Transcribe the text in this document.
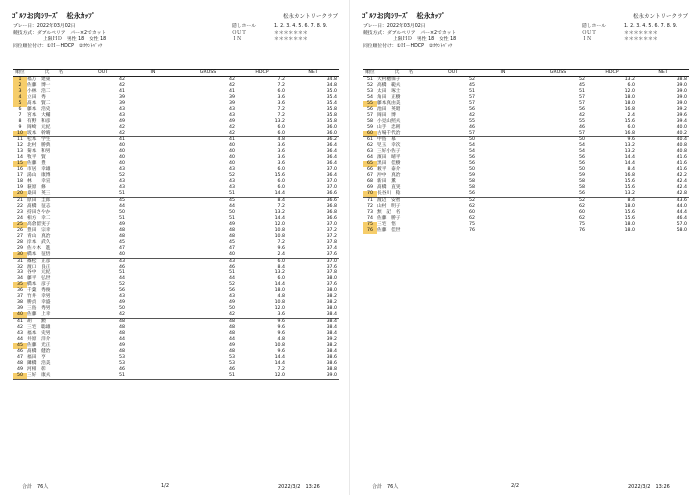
ｺﾞﾙﾌお肉ｼﾘｰｽﾞ　松永ｶｯﾌﾟ	松永カントリークラブ
プレー日：2022年03月02日
競技方式：ダブルペリア　パー×2でカット
上限ＨＤ　男性 18　女性 18
同位順位付け：①Ｈ－HDCP　②ｶｳﾝﾄﾊﾞｯｸ
隠しホール
ＯＵＴ
ＩＮ
1. 2. 3. 4. 5. 6. 7. 8. 9.
＊＊＊＊＊＊＊
＊＊＊＊＊＊＊
順位	氏　　名	OUT	IN	GROSS	HDCP	NET
1	福万　建東	42		42	7.2	34.8
2	佐藤　博一	42		42	7.2	34.8
3	小林　浩二	41		41	6.0	35.0
4	立田　秀	39		39	3.6	35.4
5	髙本　賢二	39		39	3.6	35.4
6	藤本　浩史	43		43	7.2	35.8
7	宮本　大輔	43		43	7.2	35.8
8	有野　和彦	49		49	13.2	35.8
9	岡崎　元紀	42		42	6.0	36.0
10	坂本　幹晴	42		42	6.0	36.0
11	松本　学生	41		41	4.8	36.2
12	北村　勝典	40		40	3.6	36.4
13	菊本　和男	40		40	3.6	36.4
14	牧平　賢	40		40	3.6	36.4
15	佐藤　豊	40		40	3.6	36.4
16	市居　幸雄	43		43	6.0	37.0
17	湯山　康博	52		52	15.6	36.4
18	林　　幸宣	43		43	6.0	37.0
19	萩原　修	43		43	6.0	37.0
20	桑田　英三	51		51	14.4	36.6
21	原田　圭郎	45		45	8.4	36.6
22	髙橋　征志	44		44	7.2	36.8
23	持田さやか	50		50	13.2	36.8
24	相方　幸二	51		51	14.4	36.6
25	高倉留実子	49		49	12.0	37.0
26	豊田　宗幸	48		48	10.8	37.2
27	青山　真治	48		48	10.8	37.2
28	岸本　武久	45		45	7.2	37.8
29	佐々木　進	47		47	9.6	37.4
30	橋本　征悟	40		40	2.4	37.6
31	篠松　正彦	43		43	6.0	37.0
32	渡口　良正	46		46	8.4	37.6
33	谷中　元紀	51		51	13.2	37.8
34	藤平　弘世	44		44	6.0	38.0
35	橋本　彦子	52		52	14.4	37.6
36	千葉　秀俊	56		56	18.0	38.0
37	竹井　幸男	43		43	4.8	38.2
38	勝貞　幸盛	49		49	10.8	38.2
39	三島　秀男	50		50	12.0	38.0
40	佐藤　上幸	42		42	3.6	38.4
41	胡　　勲	48		48	9.6	38.4
42	三宅　聡雄	48		48	9.6	38.4
43	福本　史男	48		48	9.6	38.4
44	井原　洋介	44		44	4.8	39.2
45	佐藤　光正	49		49	10.8	38.2
46	髙橋　健治	48		48	9.6	38.4
47	福田　亨	53		53	14.4	38.6
48	隣橋　浩美	53		53	14.4	38.6
49	河相　彰	46		46	7.2	38.8
50	三好　康夫	51		51	12.0	39.0
合計　76人	1/2	2022/3/2　13:26
ｺﾞﾙﾌお肉ｼﾘｰｽﾞ　松永ｶｯﾌﾟ	松永カントリークラブ
プレー日：2022年03月02日
競技方式：ダブルペリア　パー×2でカット
上限ＨＤ　男性 18　女性 18
同位順位付け：①Ｈ－HDCP　②ｶｳﾝﾄﾊﾞｯｸ
隠しホール
ＯＵＴ
ＩＮ
1. 2. 3. 4. 5. 6. 7. 8. 9.
＊＊＊＊＊＊＊
＊＊＊＊＊＊＊
順位	氏　　名	OUT	IN	GROSS	HDCP	NET
51	大村穂保子	52		52	13.2	38.8
52	高橋　範夫	45		45	6.0	39.0
53	太田　琢士	51		51	12.0	39.0
54	角田　正樹	57		57	18.0	39.0
55	藤本真由美	57		57	18.0	39.0
56	池田　英昭	56		56	16.8	39.2
57	岡田　博	42		42	2.4	39.6
58	小見山照夫	55		55	15.6	39.4
59	山手　忠則	46		46	6.0	40.0
60	古場千代治	57		57	16.8	40.2
61	中島　慕	50		50	9.6	40.4
62	児玉　幸次	54		54	13.2	40.8
63	三好小佐子	54		54	13.2	40.8
64	濱田　晴平	56		56	14.4	41.6
65	黒田　佳樹	56		56	14.4	41.6
66	薮平　泰介	50		50	8.4	41.6
67	沖中　真治	59		59	16.8	42.2
68	新田　薫	58		58	15.6	42.4
69	髙橋　直実	58		58	15.6	42.4
70	長谷川　稔	56		56	13.2	42.8
71	渡辺　安智	52		52	8.4	43.6
72	山村　明子	62		62	18.0	44.0
73	無　記　名	60		60	15.6	44.4
74	佐藤　勝子	62		62	15.6	46.4
75	三宅　悟	75		75	18.0	57.0
76	佐藤　佳世	76		76	18.0	58.0
合計　76人	2/2	2022/3/2　13:26
